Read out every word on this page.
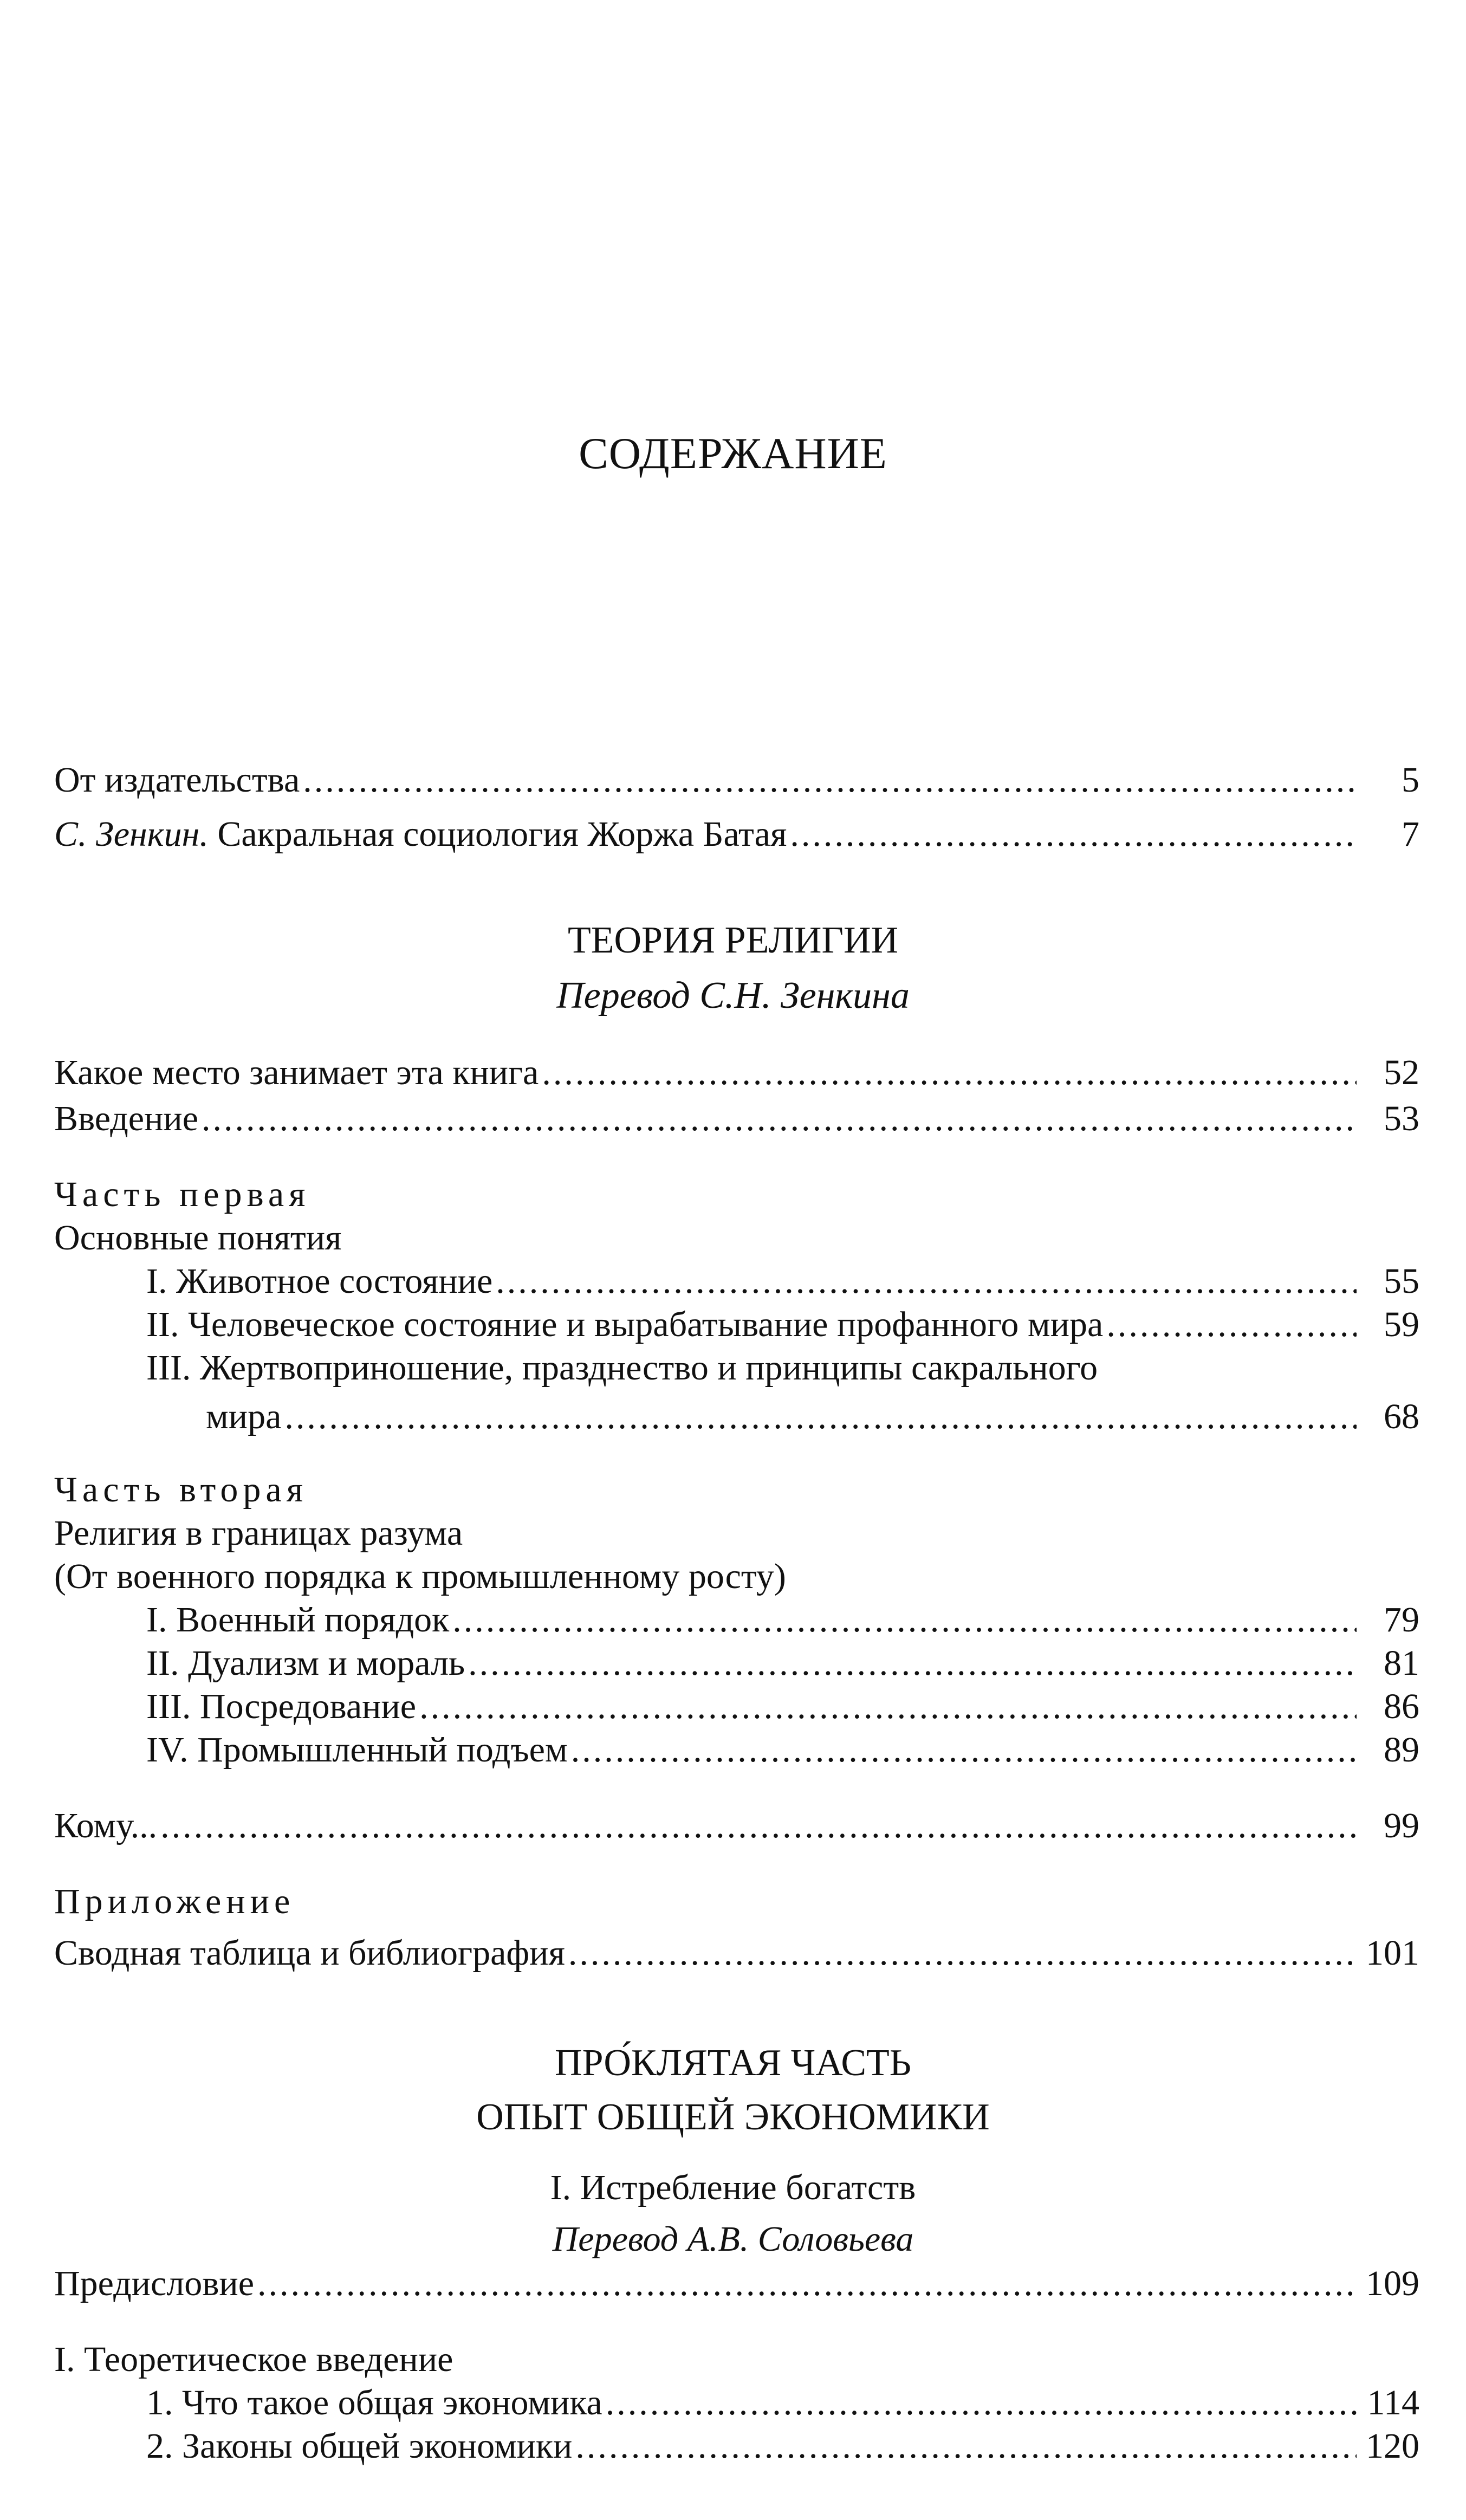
СОДЕРЖАНИЕ
От издательства .....	5
С. Зенкин. Сакральная социология Жоржа Батая .....	7
ТЕОРИЯ РЕЛИГИИ
Перевод С.Н. Зенкина
Какое место занимает эта книга .....	52
Введение .....	53
Часть первая
Основные понятия
I. Животное состояние .....	55
II. Человеческое состояние и вырабатывание профанного мира .....	59
III. Жертвоприношение, празднество и принципы сакрального
мира .....	68
Часть вторая
Религия в границах разума
(От военного порядка к промышленному росту)
I. Военный порядок .....	79
II. Дуализм и мораль .....	81
III. Посредование .....	86
IV. Промышленный подъем .....	89
Кому... .....	99
Приложение
Сводная таблица и библиография .....	101
ПРО́КЛЯТАЯ ЧАСТЬ
ОПЫТ ОБЩЕЙ ЭКОНОМИКИ
I. Истребление богатств
Перевод А.В. Соловьева
Предисловие .....	109
I. Теоретическое введение
1. Что такое общая экономика .....	114
2. Законы общей экономики .....	120
